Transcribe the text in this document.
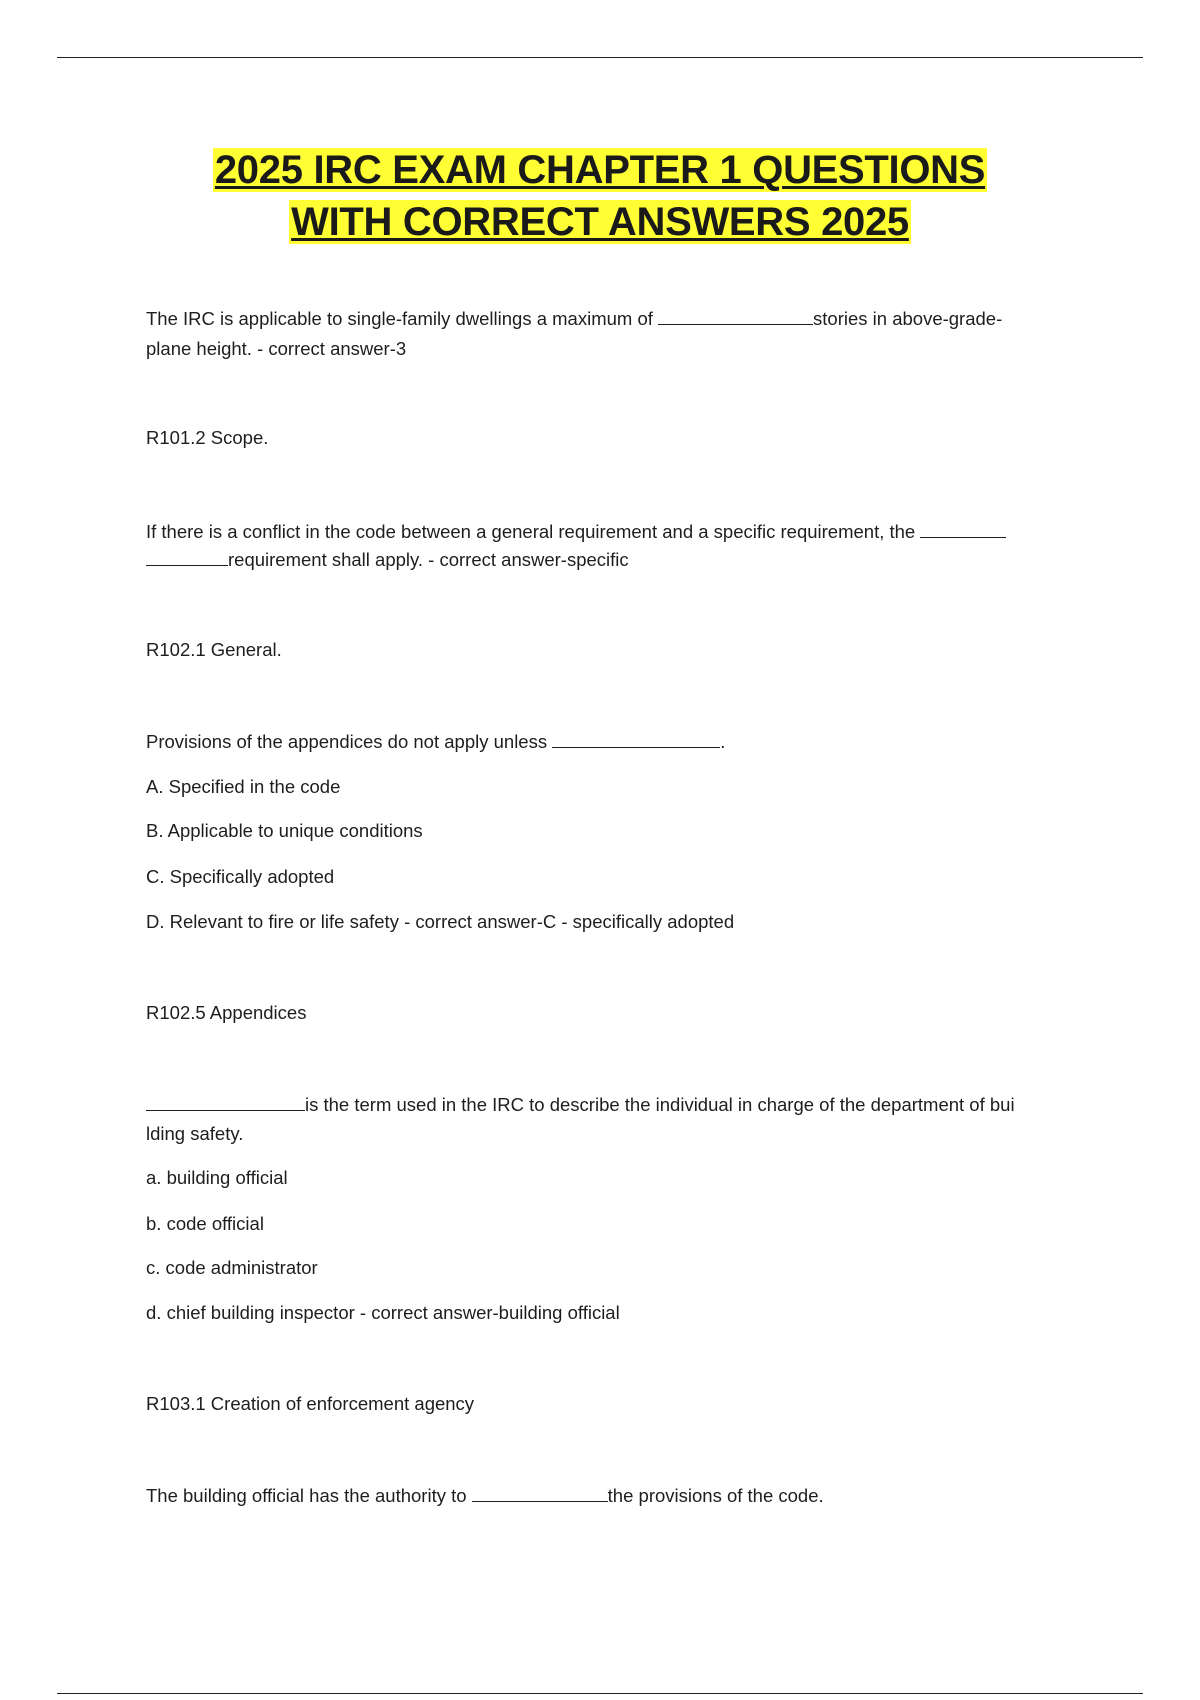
2025 IRC EXAM CHAPTER 1 QUESTIONS
WITH CORRECT ANSWERS 2025
The IRC is applicable to single-family dwellings a maximum of	stories in above-grade-
plane height. - correct answer-3
R101.2 Scope.
If there is a conflict in the code between a general requirement and a specific requirement, the
requirement shall apply. - correct answer-specific
R102.1 General.
Provisions of the appendices do not apply unless	.
A. Specified in the code
B. Applicable to unique conditions
C. Specifically adopted
D. Relevant to fire or life safety - correct answer-C - specifically adopted
R102.5 Appendices
is the term used in the IRC to describe the individual in charge of the department of bui
lding safety.
a. building official
b. code official
c. code administrator
d. chief building inspector - correct answer-building official
R103.1 Creation of enforcement agency
The building official has the authority to	the provisions of the code.
